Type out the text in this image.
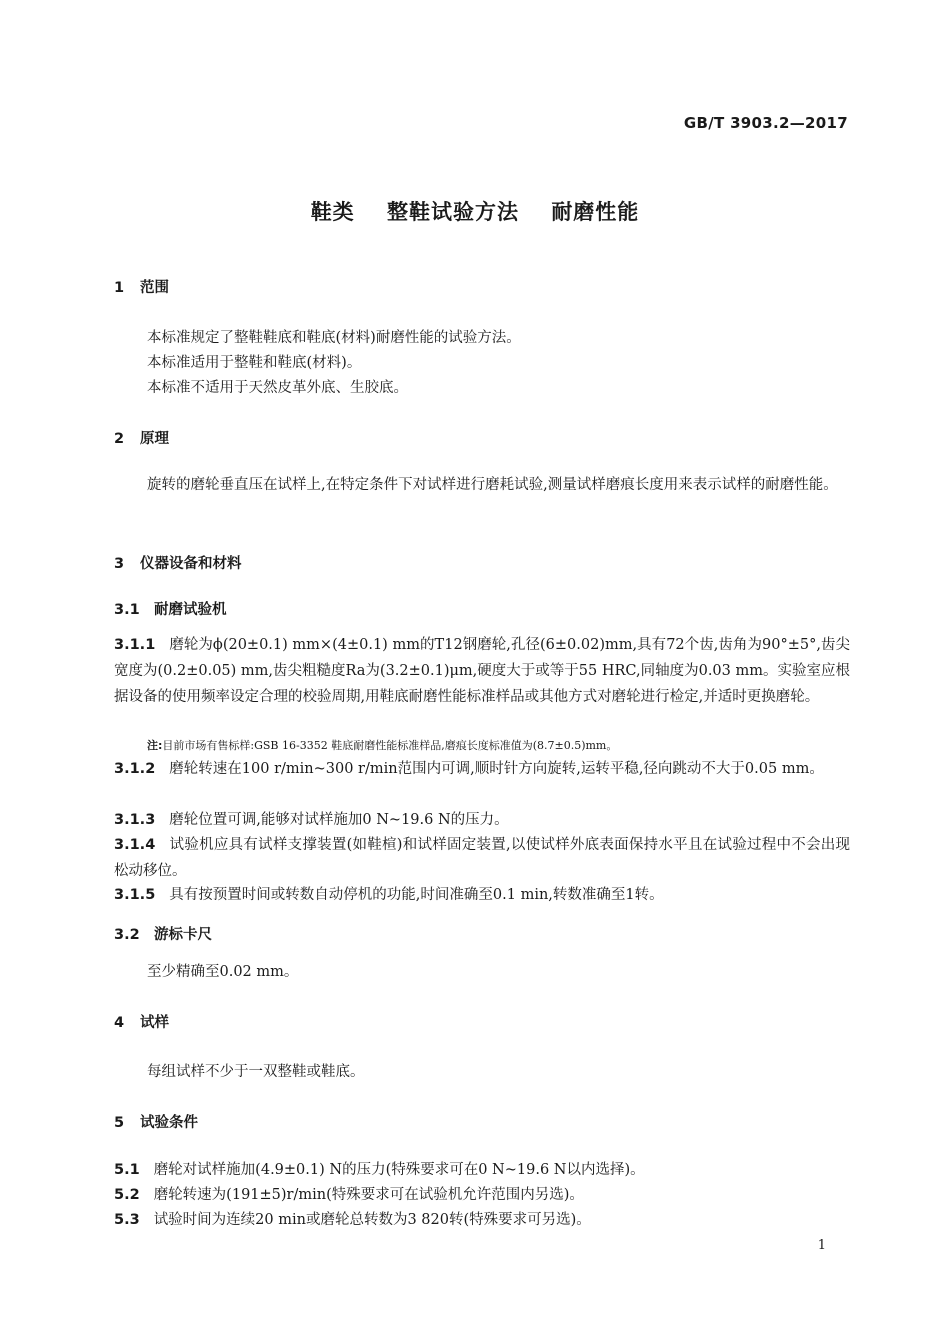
GB/T 3903.2—2017
鞋类 整鞋试验方法 耐磨性能
1 范围
本标准规定了整鞋鞋底和鞋底(材料)耐磨性能的试验方法。
本标准适用于整鞋和鞋底(材料)。
本标准不适用于天然皮革外底、生胶底。
2 原理
旋转的磨轮垂直压在试样上,在特定条件下对试样进行磨耗试验,测量试样磨痕长度用来表示试样的耐磨性能。
3 仪器设备和材料
3.1 耐磨试验机
3.1.1 磨轮为ϕ(20±0.1) mm×(4±0.1) mm的T12钢磨轮,孔径(6±0.02)mm,具有72个齿,齿角为90°±5°,齿尖宽度为(0.2±0.05) mm,齿尖粗糙度Ra为(3.2±0.1)μm,硬度大于或等于55 HRC,同轴度为0.03 mm。实验室应根据设备的使用频率设定合理的校验周期,用鞋底耐磨性能标准样品或其他方式对磨轮进行检定,并适时更换磨轮。
注:目前市场有售标样:GSB 16-3352 鞋底耐磨性能标准样品,磨痕长度标准值为(8.7±0.5)mm。
3.1.2 磨轮转速在100 r/min~300 r/min范围内可调,顺时针方向旋转,运转平稳,径向跳动不大于0.05 mm。
3.1.3 磨轮位置可调,能够对试样施加0 N~19.6 N的压力。
3.1.4 试验机应具有试样支撑装置(如鞋楦)和试样固定装置,以使试样外底表面保持水平且在试验过程中不会出现松动移位。
3.1.5 具有按预置时间或转数自动停机的功能,时间准确至0.1 min,转数准确至1转。
3.2 游标卡尺
至少精确至0.02 mm。
4 试样
每组试样不少于一双整鞋或鞋底。
5 试验条件
5.1 磨轮对试样施加(4.9±0.1) N的压力(特殊要求可在0 N~19.6 N以内选择)。
5.2 磨轮转速为(191±5)r/min(特殊要求可在试验机允许范围内另选)。
5.3 试验时间为连续20 min或磨轮总转数为3 820转(特殊要求可另选)。
1
